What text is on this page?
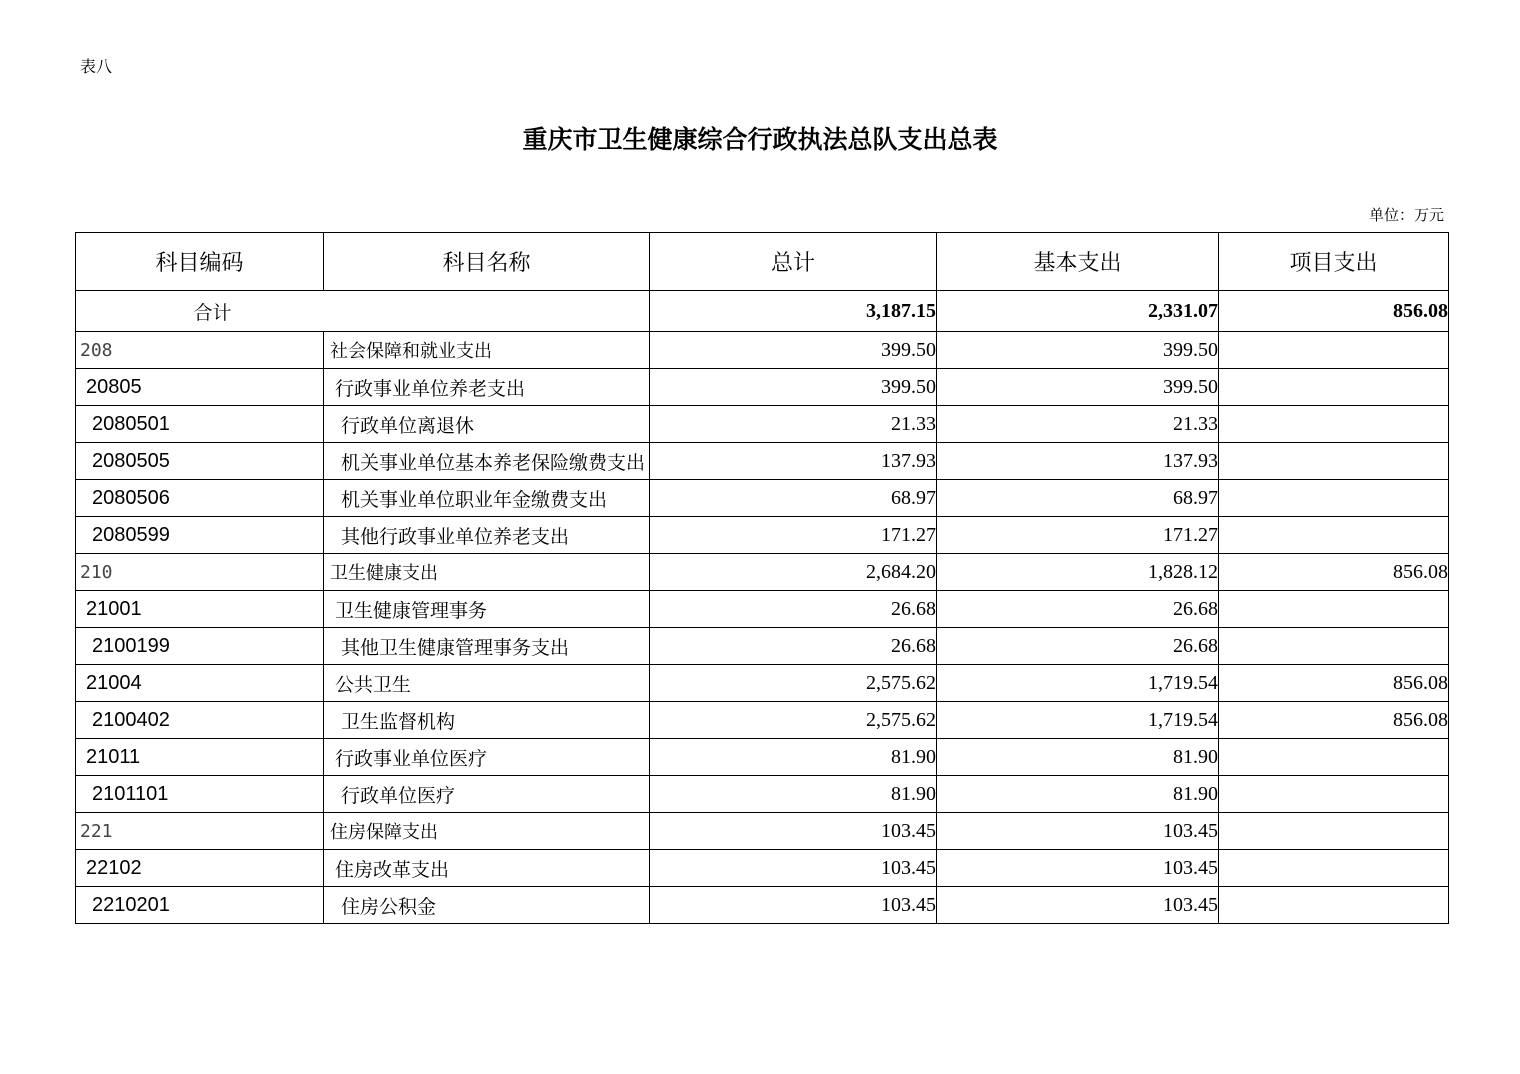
表八
重庆市卫生健康综合行政执法总队支出总表
单位：万元
科目编码	科目名称	总计	基本支出	项目支出
合计		3,187.15	2,331.07	856.08
208	社会保障和就业支出	399.50	399.50	
20805	行政事业单位养老支出	399.50	399.50	
2080501	行政单位离退休	21.33	21.33	
2080505	机关事业单位基本养老保险缴费支出	137.93	137.93	
2080506	机关事业单位职业年金缴费支出	68.97	68.97	
2080599	其他行政事业单位养老支出	171.27	171.27	
210	卫生健康支出	2,684.20	1,828.12	856.08
21001	卫生健康管理事务	26.68	26.68	
2100199	其他卫生健康管理事务支出	26.68	26.68	
21004	公共卫生	2,575.62	1,719.54	856.08
2100402	卫生监督机构	2,575.62	1,719.54	856.08
21011	行政事业单位医疗	81.90	81.90	
2101101	行政单位医疗	81.90	81.90	
221	住房保障支出	103.45	103.45	
22102	住房改革支出	103.45	103.45	
2210201	住房公积金	103.45	103.45	
